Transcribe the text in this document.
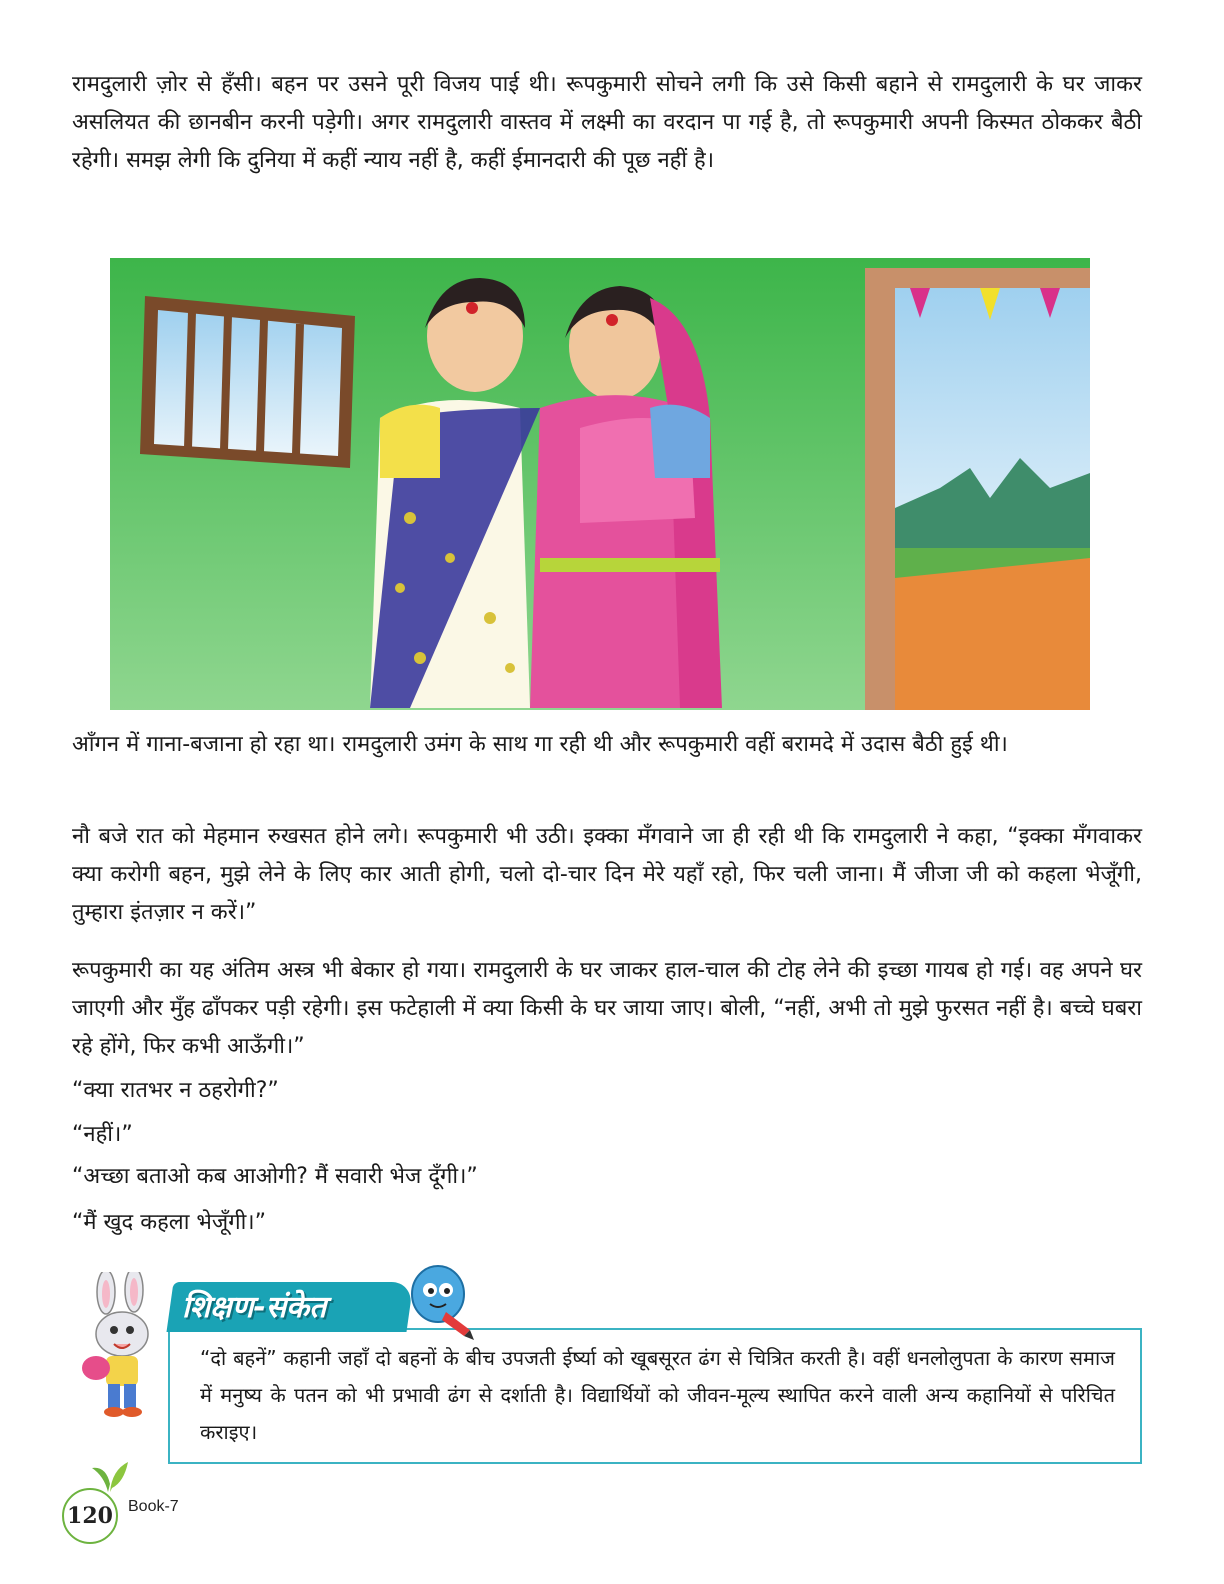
रामदुलारी ज़ोर से हँसी। बहन पर उसने पूरी विजय पाई थी। रूपकुमारी सोचने लगी कि उसे किसी बहाने से रामदुलारी के घर जाकर असलियत की छानबीन करनी पड़ेगी। अगर रामदुलारी वास्तव में लक्ष्मी का वरदान पा गई है, तो रूपकुमारी अपनी किस्मत ठोककर बैठी रहेगी। समझ लेगी कि दुनिया में कहीं न्याय नहीं है, कहीं ईमानदारी की पूछ नहीं है।

आँगन में गाना-बजाना हो रहा था। रामदुलारी उमंग के साथ गा रही थी और रूपकुमारी वहीं बरामदे में उदास बैठी हुई थी।

नौ बजे रात को मेहमान रुखसत होने लगे। रूपकुमारी भी उठी। इक्का मँगवाने जा ही रही थी कि रामदुलारी ने कहा, “इक्का मँगवाकर क्या करोगी बहन, मुझे लेने के लिए कार आती होगी, चलो दो-चार दिन मेरे यहाँ रहो, फिर चली जाना। मैं जीजा जी को कहला भेजूँगी, तुम्हारा इंतज़ार न करें।”

रूपकुमारी का यह अंतिम अस्त्र भी बेकार हो गया। रामदुलारी के घर जाकर हाल-चाल की टोह लेने की इच्छा गायब हो गई। वह अपने घर जाएगी और मुँह ढाँपकर पड़ी रहेगी। इस फटेहाली में क्या किसी के घर जाया जाए। बोली, “नहीं, अभी तो मुझे फुरसत नहीं है। बच्चे घबरा रहे होंगे, फिर कभी आऊँगी।”

“क्या रातभर न ठहरोगी?”

“नहीं।”

“अच्छा बताओ कब आओगी? मैं सवारी भेज दूँगी।”

“मैं खुद कहला भेजूँगी।”

“दो बहनें” कहानी जहाँ दो बहनों के बीच उपजती ईर्ष्या को खूबसूरत ढंग से चित्रित करती है। वहीं धनलोलुपता के कारण समाज में मनुष्य के पतन को भी प्रभावी ढंग से दर्शाती है। विद्यार्थियों को जीवन-मूल्य स्थापित करने वाली अन्य कहानियों से परिचित कराइए।

शिक्षण-संकेत
120 Book-7
